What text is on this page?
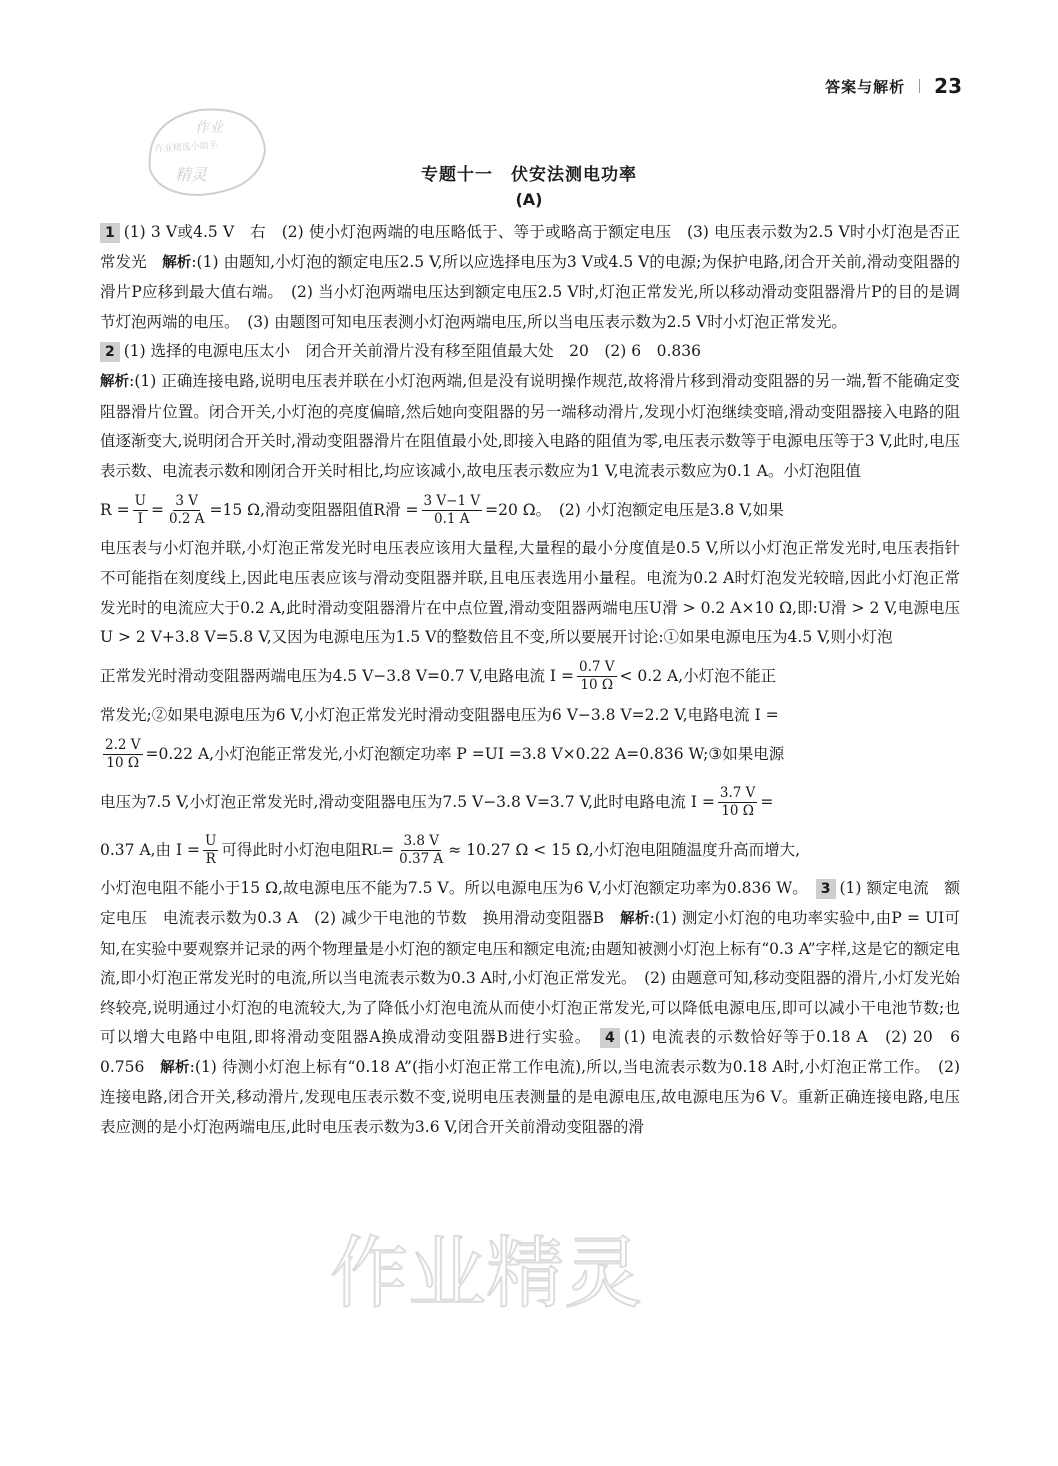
答案与解析 23
作业
作业精选小助手
精灵
作业精灵
专题十一　伏安法测电功率
(A)

1 (1) 3 V或4.5 V　右　(2) 使小灯泡两端的电压略低于、等于或略高于额定电压　(3) 电压表示数为2.5 V时小灯泡是否正常发光　解析:(1) 由题知,小灯泡的额定电压2.5 V,所以应选择电压为3 V或4.5 V的电源;为保护电路,闭合开关前,滑动变阻器的滑片P应移到最大值右端。　(2) 当小灯泡两端电压达到额定电压2.5 V时,灯泡正常发光,所以移动滑动变阻器滑片P的目的是调节灯泡两端的电压。　(3) 由题图可知电压表测小灯泡两端电压,所以当电压表示数为2.5 V时小灯泡正常发光。

2 (1) 选择的电源电压太小　闭合开关前滑片没有移至阻值最大处　20　(2) 6　0.836

解析:(1) 正确连接电路,说明电压表并联在小灯泡两端,但是没有说明操作规范,故将滑片移到滑动变阻器的另一端,暂不能确定变阻器滑片位置。闭合开关,小灯泡的亮度偏暗,然后她向变阻器的另一端移动滑片,发现小灯泡继续变暗,滑动变阻器接入电路的阻值逐渐变大,说明闭合开关时,滑动变阻器滑片在阻值最小处,即接入电路的阻值为零,电压表示数等于电源电压等于3 V,此时,电压表示数、电流表示数和刚闭合开关时相比,均应该减小,故电压表示数应为1 V,电流表示数应为0.1 A。小灯泡阻值

$R = \frac{U}{I} = \frac{3 V}{0.2 A} =15$ Ω,滑动变阻器阻值R滑 = $\frac{3 V-1 V}{0.1 A} =20$ Ω。　(2) 小灯泡额定电压是3.8 V,如果

电压表与小灯泡并联,小灯泡正常发光时电压表应该用大量程,大量程的最小分度值是0.5 V,所以小灯泡正常发光时,电压表指针不可能指在刻度线上,因此电压表应该与滑动变阻器并联,且电压表选用小量程。电流为0.2 A时灯泡发光较暗,因此小灯泡正常发光时的电流应大于0.2 A,此时滑动变阻器滑片在中点位置,滑动变阻器两端电压U滑 > 0.2 A×10 Ω,即:U滑 > 2 V,电源电压U > 2 V+3.8 V=5.8 V,又因为电源电压为1.5 V的整数倍且不变,所以要展开讨论:①如果电源电压为4.5 V,则小灯泡

正常发光时滑动变阻器两端电压为4.5 V−3.8 V=0.7 V,电路电流 $I = \frac{0.7 V}{10 \Omega} < 0.2$ A,小灯泡不能正

常发光;②如果电源电压为6 V,小灯泡正常发光时滑动变阻器电压为6 V−3.8 V=2.2 V,电路电流 I =

$\frac{2.2 V}{10 \Omega} =0.22$ A,小灯泡能正常发光,小灯泡额定功率 P =UI =3.8 V×0.22 A=0.836 W;③如果电源
电压为7.5 V,小灯泡正常发光时,滑动变阻器电压为7.5 V−3.8 V=3.7 V,此时电路电流 $I = \frac{3.7 V}{10 \Omega}$ =
0.37 A,由 $I = \frac{U}{R}$ 可得此时小灯泡电阻R $L = \frac{3.8 V}{0.37 A} \approx 10.27$ Ω < 15 Ω,小灯泡电阻随温度升高而增大,

小灯泡电阻不能小于15 Ω,故电源电压不能为7.5 V。所以电源电压为6 V,小灯泡额定功率为0.836 W。　3 (1) 额定电流　额定电压　电流表示数为0.3 A　(2) 减少干电池的节数　换用滑动变阻器B　解析:(1) 测定小灯泡的电功率实验中,由P = UI可知,在实验中要观察并记录的两个物理量是小灯泡的额定电压和额定电流;由题知被测小灯泡上标有“0.3 A”字样,这是它的额定电流,即小灯泡正常发光时的电流,所以当电流表示数为0.3 A时,小灯泡正常发光。　(2) 由题意可知,移动变阻器的滑片,小灯发光始终较亮,说明通过小灯泡的电流较大,为了降低小灯泡电流从而使小灯泡正常发光,可以降低电源电压,即可以减小干电池节数;也可以增大电路中电阻,即将滑动变阻器A换成滑动变阻器B进行实验。　4 (1) 电流表的示数恰好等于0.18 A　(2) 20　6　0.756　解析:(1) 待测小灯泡上标有“0.18 A”(指小灯泡正常工作电流),所以,当电流表示数为0.18 A时,小灯泡正常工作。　(2) 连接电路,闭合开关,移动滑片,发现电压表示数不变,说明电压表测量的是电源电压,故电源电压为6 V。重新正确连接电路,电压表应测的是小灯泡两端电压,此时电压表示数为3.6 V,闭合开关前滑动变阻器的滑
